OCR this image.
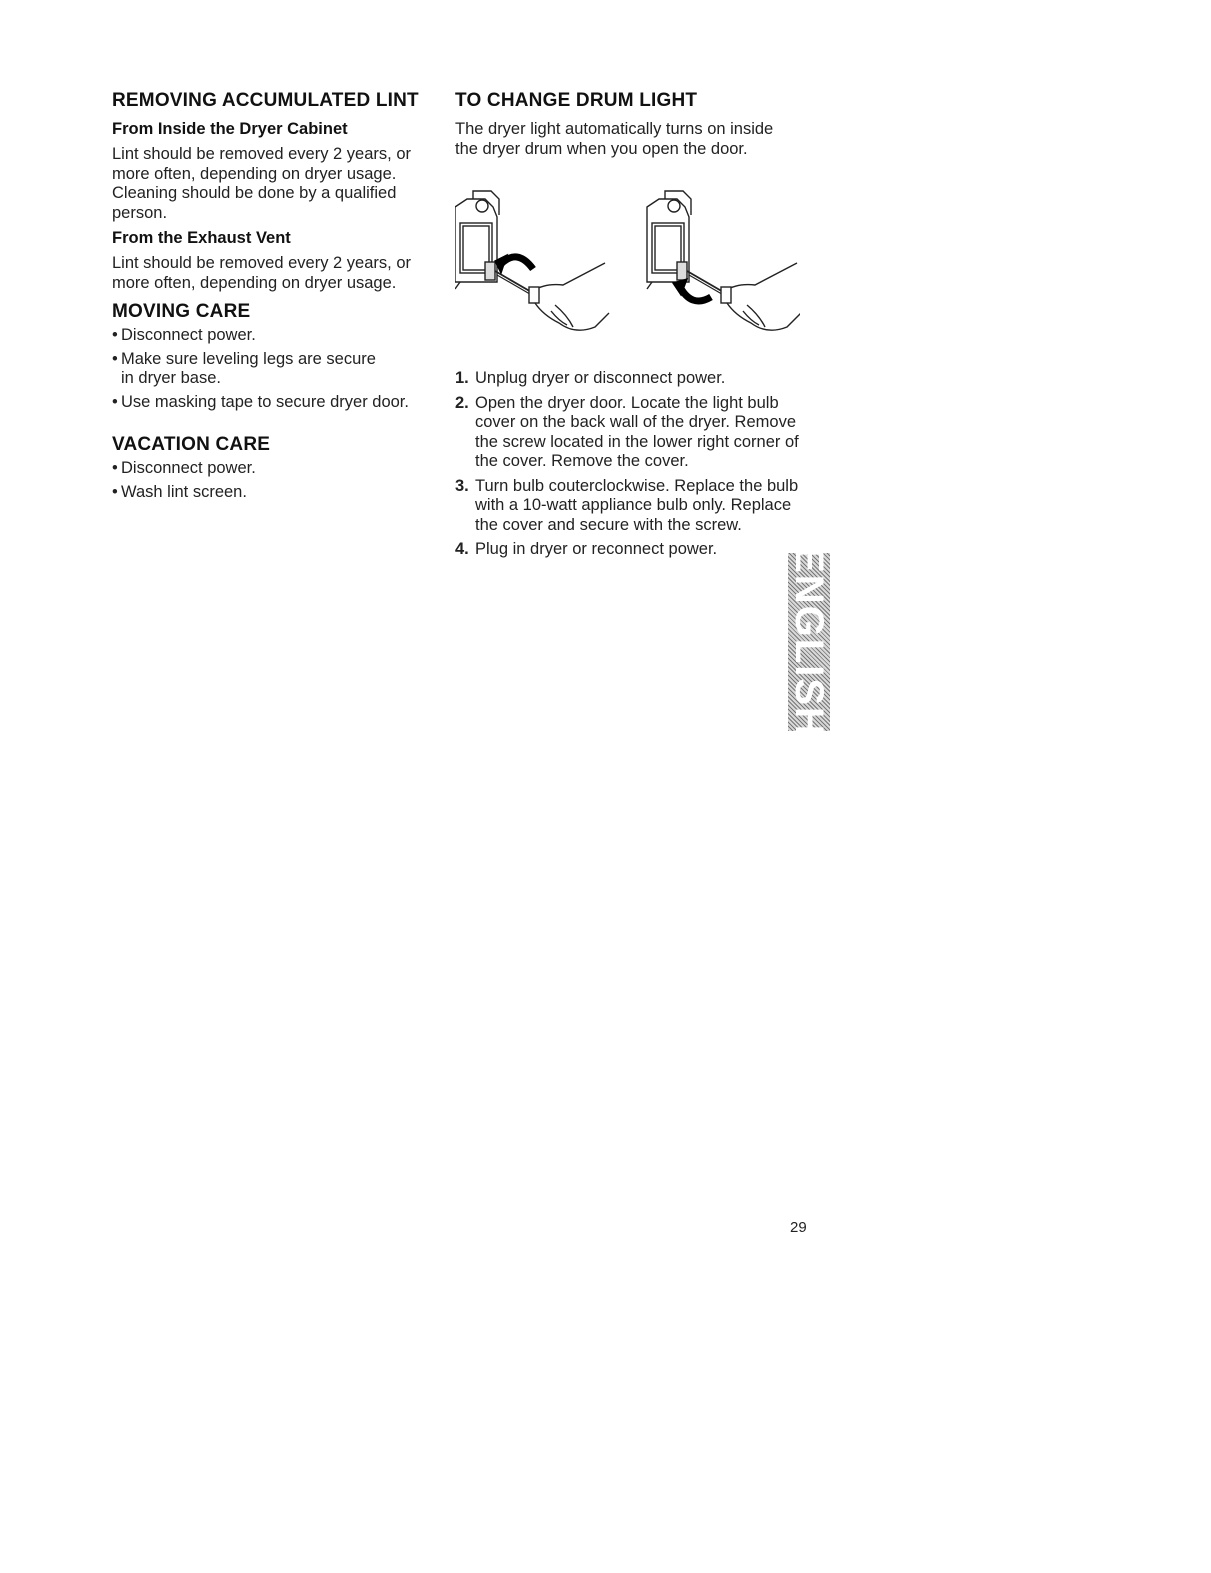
REMOVING ACCUMULATED LINT
From Inside the Dryer Cabinet

Lint should be removed every 2 years, or more often, depending on dryer usage. Cleaning should be done by a qualified person.

From the Exhaust Vent

Lint should be removed every 2 years, or more often, depending on dryer usage.

MOVING CARE
• Disconnect power.
• Make sure leveling legs are secure in dryer base.
• Use masking tape to secure dryer door.
VACATION CARE
• Disconnect power.
• Wash lint screen.
TO CHANGE DRUM LIGHT

The dryer light automatically turns on inside the dryer drum when you open the door.

1. Unplug dryer or disconnect power.
2. Open the dryer door. Locate the light bulb cover on the back wall of the dryer. Remove the screw located in the lower right corner of the cover. Remove the cover.
3. Turn bulb couterclockwise. Replace the bulb with a 10-watt appliance bulb only. Replace the cover and secure with the screw.
4. Plug in dryer or reconnect power.	ENGLISH
29
